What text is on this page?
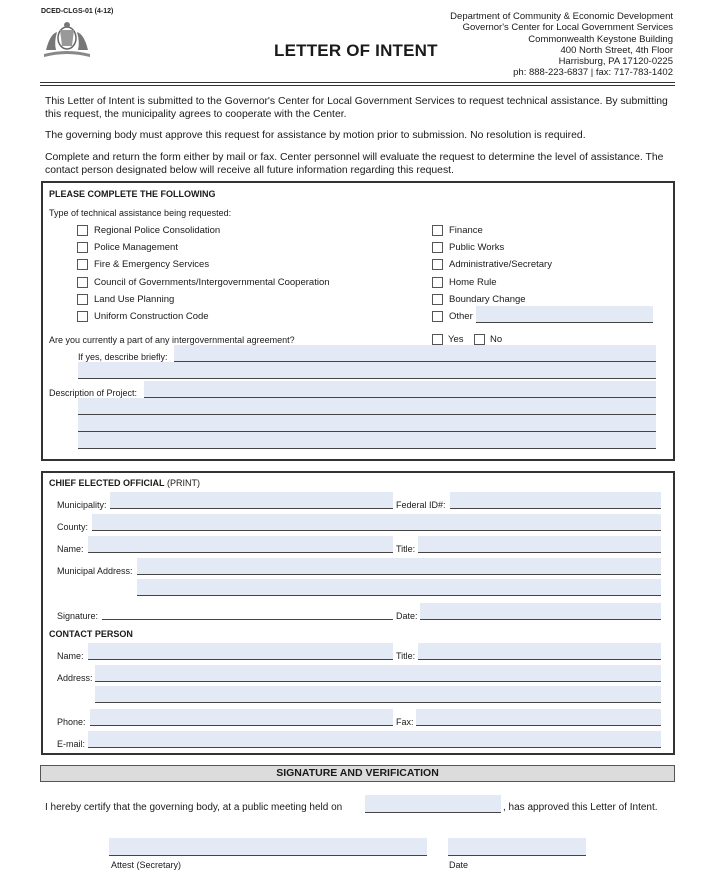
DCED-CLGS-01 (4-12)
LETTER OF INTENT
Department of Community & Economic Development
Governor's Center for Local Government Services
Commonwealth Keystone Building
400 North Street, 4th Floor
Harrisburg, PA 17120-0225
ph: 888-223-6837 | fax: 717-783-1402
This Letter of Intent is submitted to the Governor's Center for Local Government Services to request technical assistance. By submitting this request, the municipality agrees to cooperate with the Center.
The governing body must approve this request for assistance by motion prior to submission. No resolution is required.
Complete and return the form either by mail or fax. Center personnel will evaluate the request to determine the level of assistance. The contact person designated below will receive all future information regarding this request.
PLEASE COMPLETE THE FOLLOWING
Type of technical assistance being requested:
Regional Police Consolidation
Police Management
Fire & Emergency Services
Council of Governments/Intergovernmental Cooperation
Land Use Planning
Uniform Construction Code
Finance
Public Works
Administrative/Secretary
Home Rule
Boundary Change
Other
Are you currently a part of any intergovernmental agreement?	Yes	No
If yes, describe briefly:
Description of Project:
CHIEF ELECTED OFFICIAL (PRINT)
Municipality:	Federal ID#:
County:
Name:	Title:
Municipal Address:
Signature:	Date:
CONTACT PERSON
Name:	Title:
Address:
Phone:	Fax:
E-mail:
SIGNATURE AND VERIFICATION
I hereby certify that the governing body, at a public meeting held on	, has approved this Letter of Intent.
Attest (Secretary)	Date
